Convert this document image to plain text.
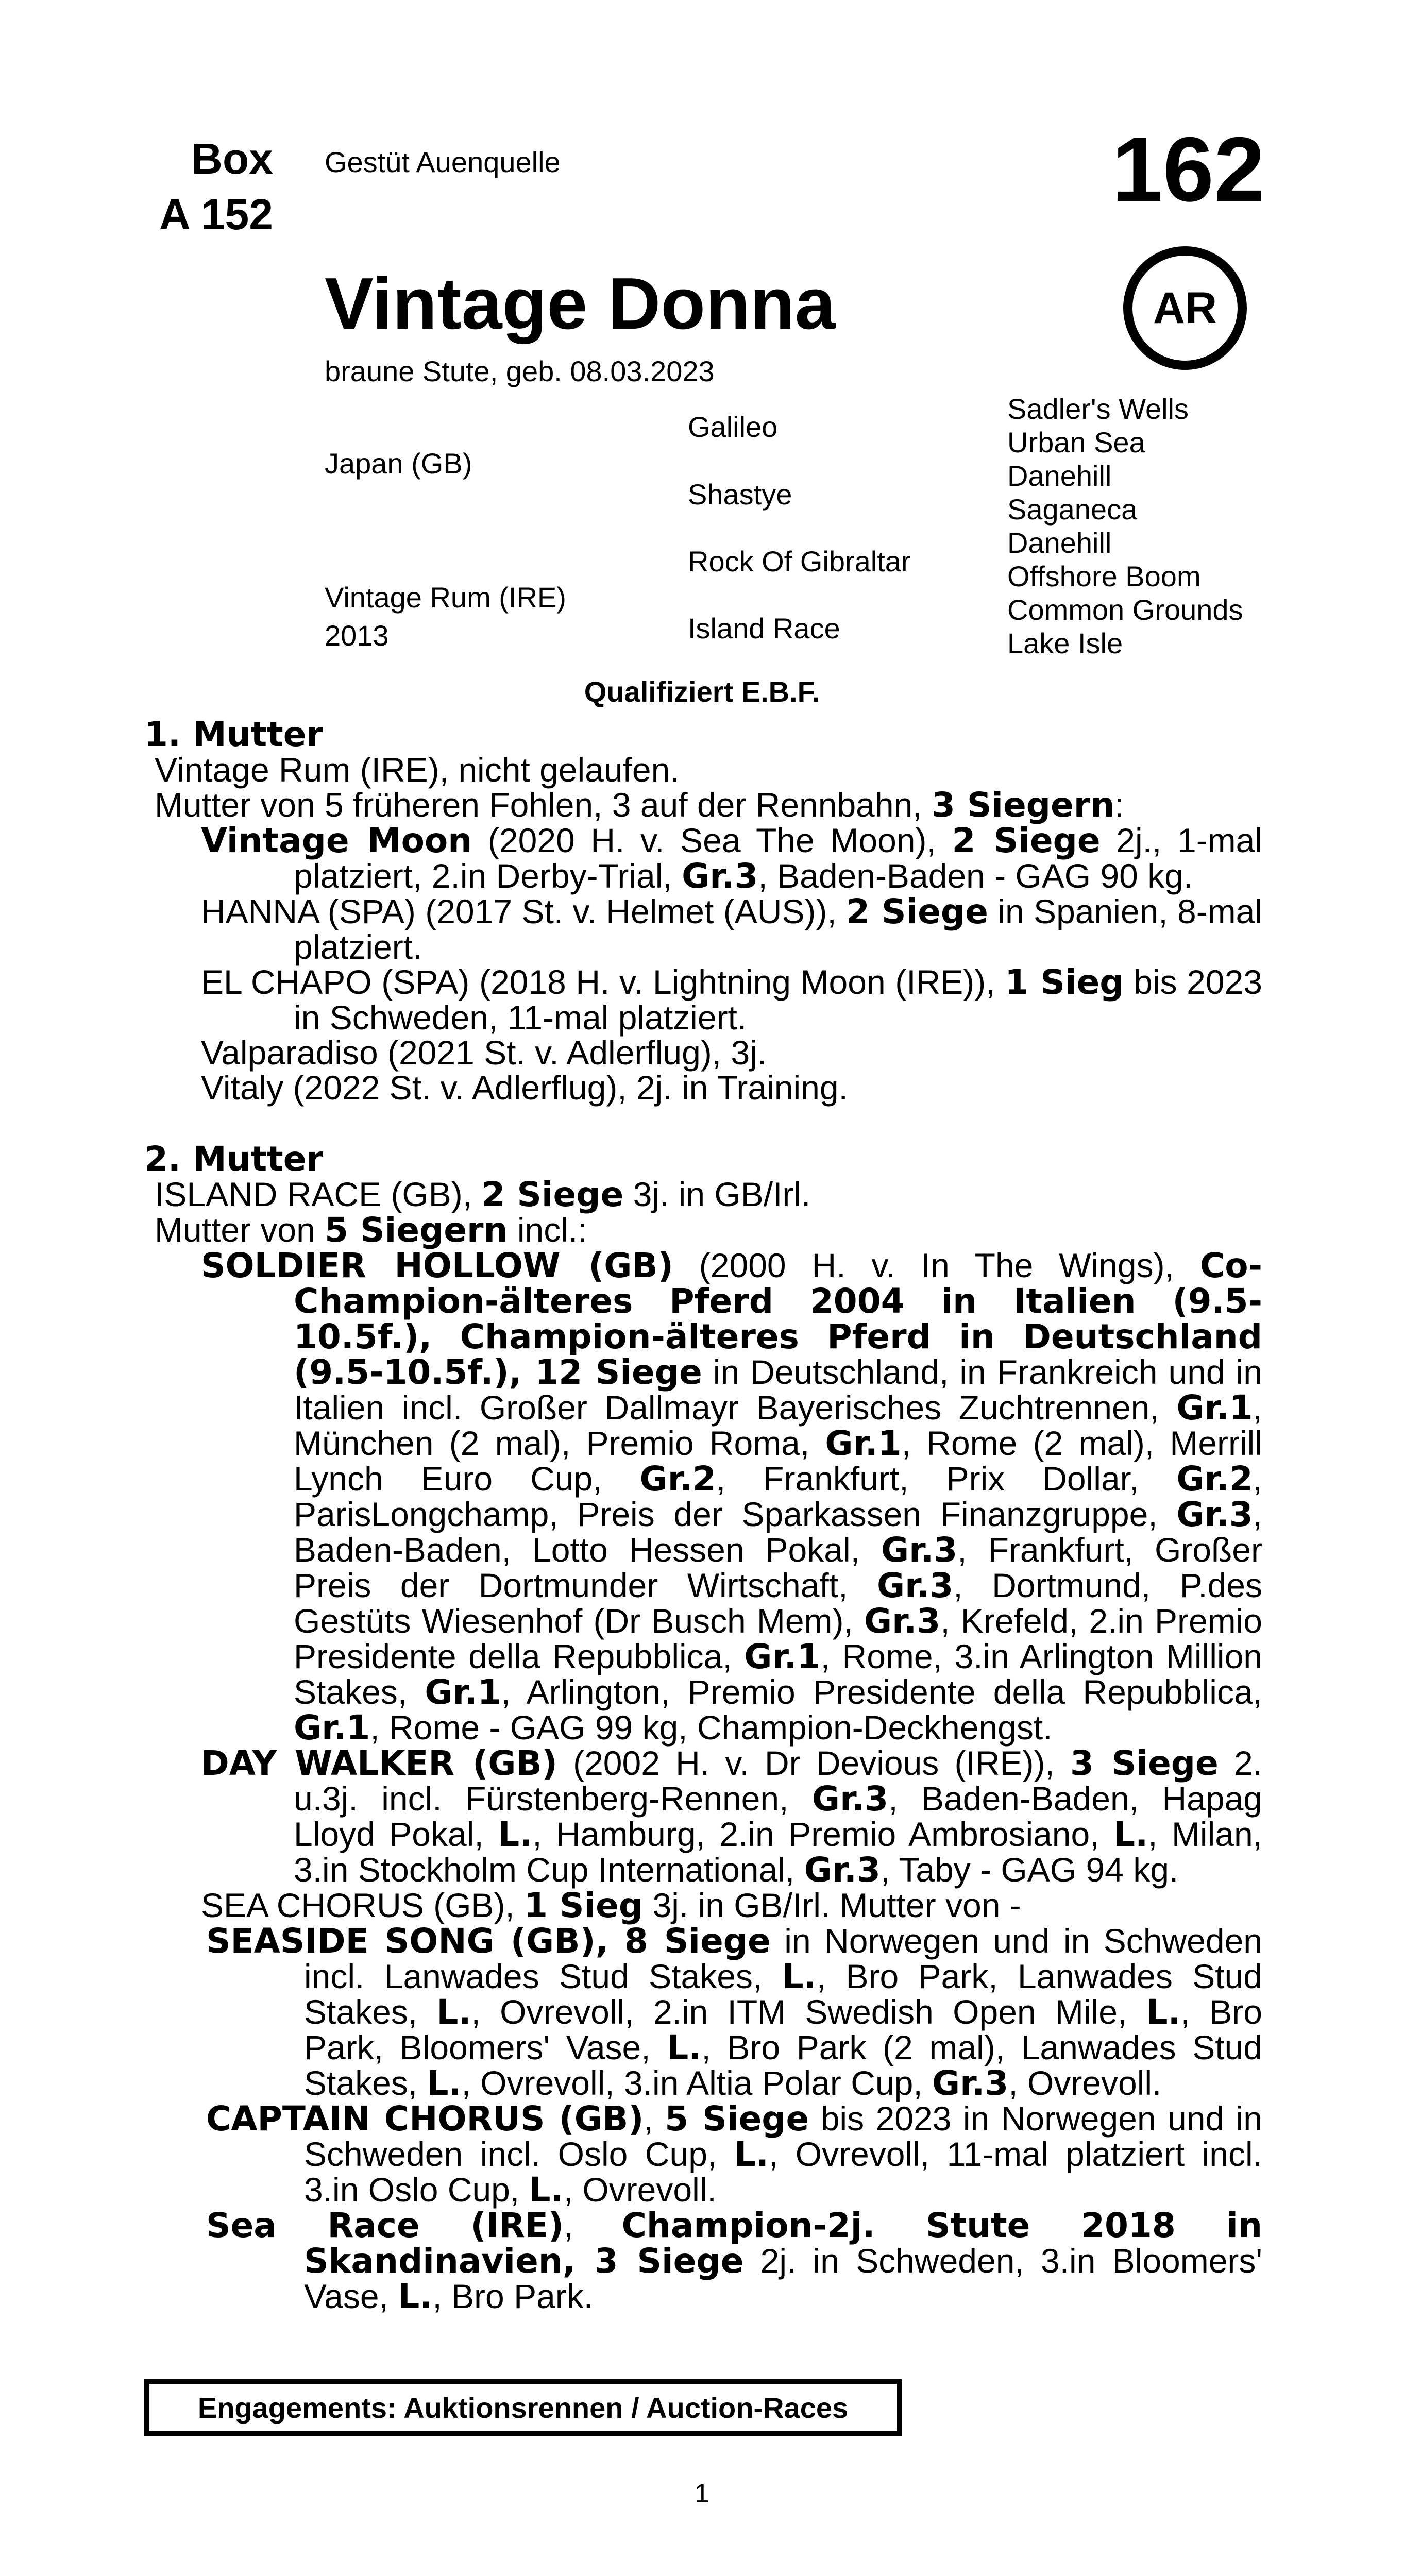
Box
A 152
Gestüt Auenquelle	162
AR
Vintage Donna
braune Stute, geb. 08.03.2023
Japan (GB)
Vintage Rum (IRE)
2013
Galileo
Shastye
Rock Of Gibraltar
Island Race
Sadler's Wells
Urban Sea
Danehill
Saganeca
Danehill
Offshore Boom
Common Grounds
Lake Isle
Qualifiziert E.B.F.

1. Mutter

Vintage Rum (IRE), nicht gelaufen.

Mutter von 5 früheren Fohlen, 3 auf der Rennbahn, 3 Siegern:

Vintage Moon (2020 H. v. Sea The Moon), 2 Siege 2j., 1-mal platziert, 2.in Derby-Trial, Gr.3, Baden-Baden - GAG 90 kg.

HANNA (SPA) (2017 St. v. Helmet (AUS)), 2 Siege in Spanien, 8-mal platziert.

EL CHAPO (SPA) (2018 H. v. Lightning Moon (IRE)), 1 Sieg bis 2023 in Schweden, 11-mal platziert.

Valparadiso (2021 St. v. Adlerflug), 3j.

Vitaly (2022 St. v. Adlerflug), 2j. in Training.

2. Mutter

ISLAND RACE (GB), 2 Siege 3j. in GB/Irl.

Mutter von 5 Siegern incl.:

SOLDIER HOLLOW (GB) (2000 H. v. In The Wings), Co-Champion-älteres Pferd 2004 in Italien (9.5-10.5f.), Champion-älteres Pferd in Deutschland (9.5-10.5f.), 12 Siege in Deutschland, in Frankreich und in Italien incl. Großer Dallmayr Bayerisches Zuchtrennen, Gr.1, München (2 mal), Premio Roma, Gr.1, Rome (2 mal), Merrill Lynch Euro Cup, Gr.2, Frankfurt, Prix Dollar, Gr.2, ParisLongchamp, Preis der Sparkassen Finanzgruppe, Gr.3, Baden-Baden, Lotto Hessen Pokal, Gr.3, Frankfurt, Großer Preis der Dortmunder Wirtschaft, Gr.3, Dortmund, P.des Gestüts Wiesenhof (Dr Busch Mem), Gr.3, Krefeld, 2.in Premio Presidente della Repubblica, Gr.1, Rome, 3.in Arlington Million Stakes, Gr.1, Arlington, Premio Presidente della Repubblica, Gr.1, Rome - GAG 99 kg, Champion-Deckhengst.

DAY WALKER (GB) (2002 H. v. Dr Devious (IRE)), 3 Siege 2. u.3j. incl. Fürstenberg-Rennen, Gr.3, Baden-Baden, Hapag Lloyd Pokal, L., Hamburg, 2.in Premio Ambrosiano, L., Milan, 3.in Stockholm Cup International, Gr.3, Taby - GAG 94 kg.

SEA CHORUS (GB), 1 Sieg 3j. in GB/Irl. Mutter von -

SEASIDE SONG (GB), 8 Siege in Norwegen und in Schweden incl. Lanwades Stud Stakes, L., Bro Park, Lanwades Stud Stakes, L., Ovrevoll, 2.in ITM Swedish Open Mile, L., Bro Park, Bloomers' Vase, L., Bro Park (2 mal), Lanwades Stud Stakes, L., Ovrevoll, 3.in Altia Polar Cup, Gr.3, Ovrevoll.

CAPTAIN CHORUS (GB), 5 Siege bis 2023 in Norwegen und in Schweden incl. Oslo Cup, L., Ovrevoll, 11-mal platziert incl. 3.in Oslo Cup, L., Ovrevoll.

Sea Race (IRE), Champion-2j. Stute 2018 in Skandinavien, 3 Siege 2j. in Schweden, 3.in Bloomers' Vase, L., Bro Park.

Engagements: Auktionsrennen / Auction-Races
1
